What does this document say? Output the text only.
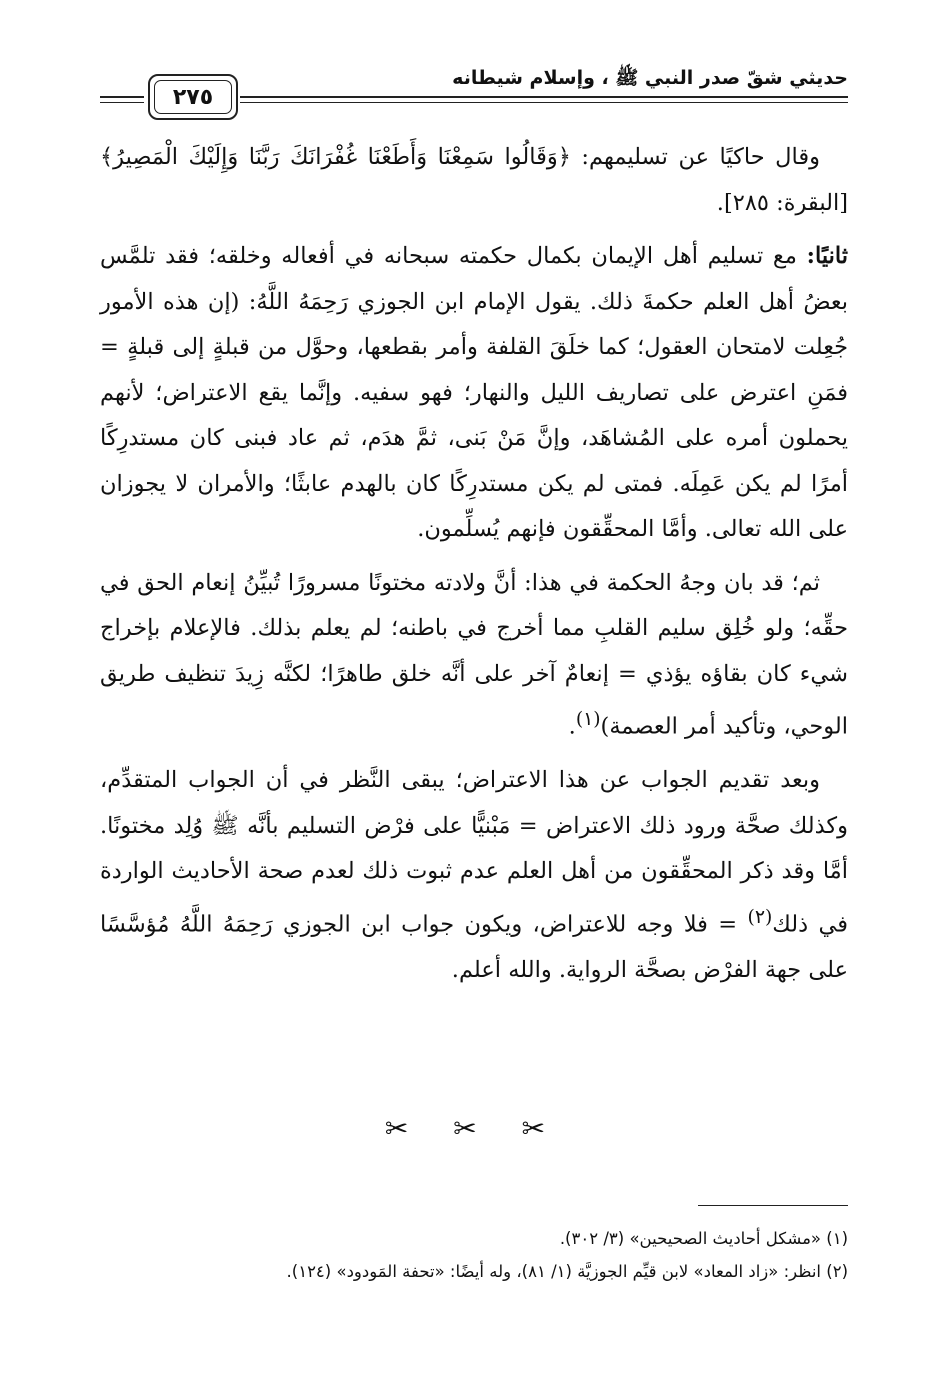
حديثي شقّ صدر النبي ﷺ ، وإسلام شيطانه
٢٧٥

وقال حاكيًا عن تسليمهم: ﴿وَقَالُوا سَمِعْنَا وَأَطَعْنَا غُفْرَانَكَ رَبَّنَا وَإِلَيْكَ الْمَصِيرُ﴾ [البقرة: ٢٨٥].

ثانيًا: مع تسليم أهل الإيمان بكمال حكمته سبحانه في أفعاله وخلقه؛ فقد تلمَّس بعضُ أهل العلم حكمةَ ذلك. يقول الإمام ابن الجوزي رَحِمَهُ اللَّهُ: (إن هذه الأمور جُعِلت لامتحان العقول؛ كما خلَقَ القلفة وأمر بقطعها، وحوَّل من قبلةٍ إلى قبلةٍ = فمَنِ اعترض على تصاريف الليل والنهار؛ فهو سفيه. وإنَّما يقع الاعتراض؛ لأنهم يحملون أمره على المُشاهَد، وإنَّ مَنْ بَنى، ثمَّ هدَم، ثم عاد فبنى كان مستدرِكًا أمرًا لم يكن عَمِلَه. فمتى لم يكن مستدرِكًا كان بالهدم عابثًا؛ والأمران لا يجوزان على الله تعالى. وأمَّا المحقِّقون فإنهم يُسلِّمون.

ثم؛ قد بان وجهُ الحكمة في هذا: أنَّ ولادته مختونًا مسرورًا تُبيِّنُ إنعام الحق في حقِّه؛ ولو خُلِق سليم القلبِ مما أخرج في باطنه؛ لم يعلم بذلك. فالإعلام بإخراج شيء كان بقاؤه يؤذي = إنعامٌ آخر على أنَّه خلق طاهرًا؛ لكنَّه زِيدَ تنظيف طريق الوحي، وتأكيد أمر العصمة)$^{(١)}$.

وبعد تقديم الجواب عن هذا الاعتراض؛ يبقى النَّظر في أن الجواب المتقدِّم، وكذلك صحَّة ورود ذلك الاعتراض = مَبْنيًّا على فرْض التسليم بأنَّه ﷺ وُلِد مختونًا. أمَّا وقد ذكر المحقِّقون من أهل العلم عدم ثبوت ذلك لعدم صحة الأحاديث الواردة في ذلك$^{(٢)}$ = فلا وجه للاعتراض، ويكون جواب ابن الجوزي رَحِمَهُ اللَّهُ مُؤسَّسًا على جهة الفرْض بصحَّة الرواية. والله أعلم.

✂ ✂ ✂
(١) «مشكل أحاديث الصحيحين» (٣/ ٣٠٢).
(٢) انظر: «زاد المعاد» لابن قيِّم الجوزيَّة (١/ ٨١)، وله أيضًا: «تحفة المَودود» (١٢٤).
